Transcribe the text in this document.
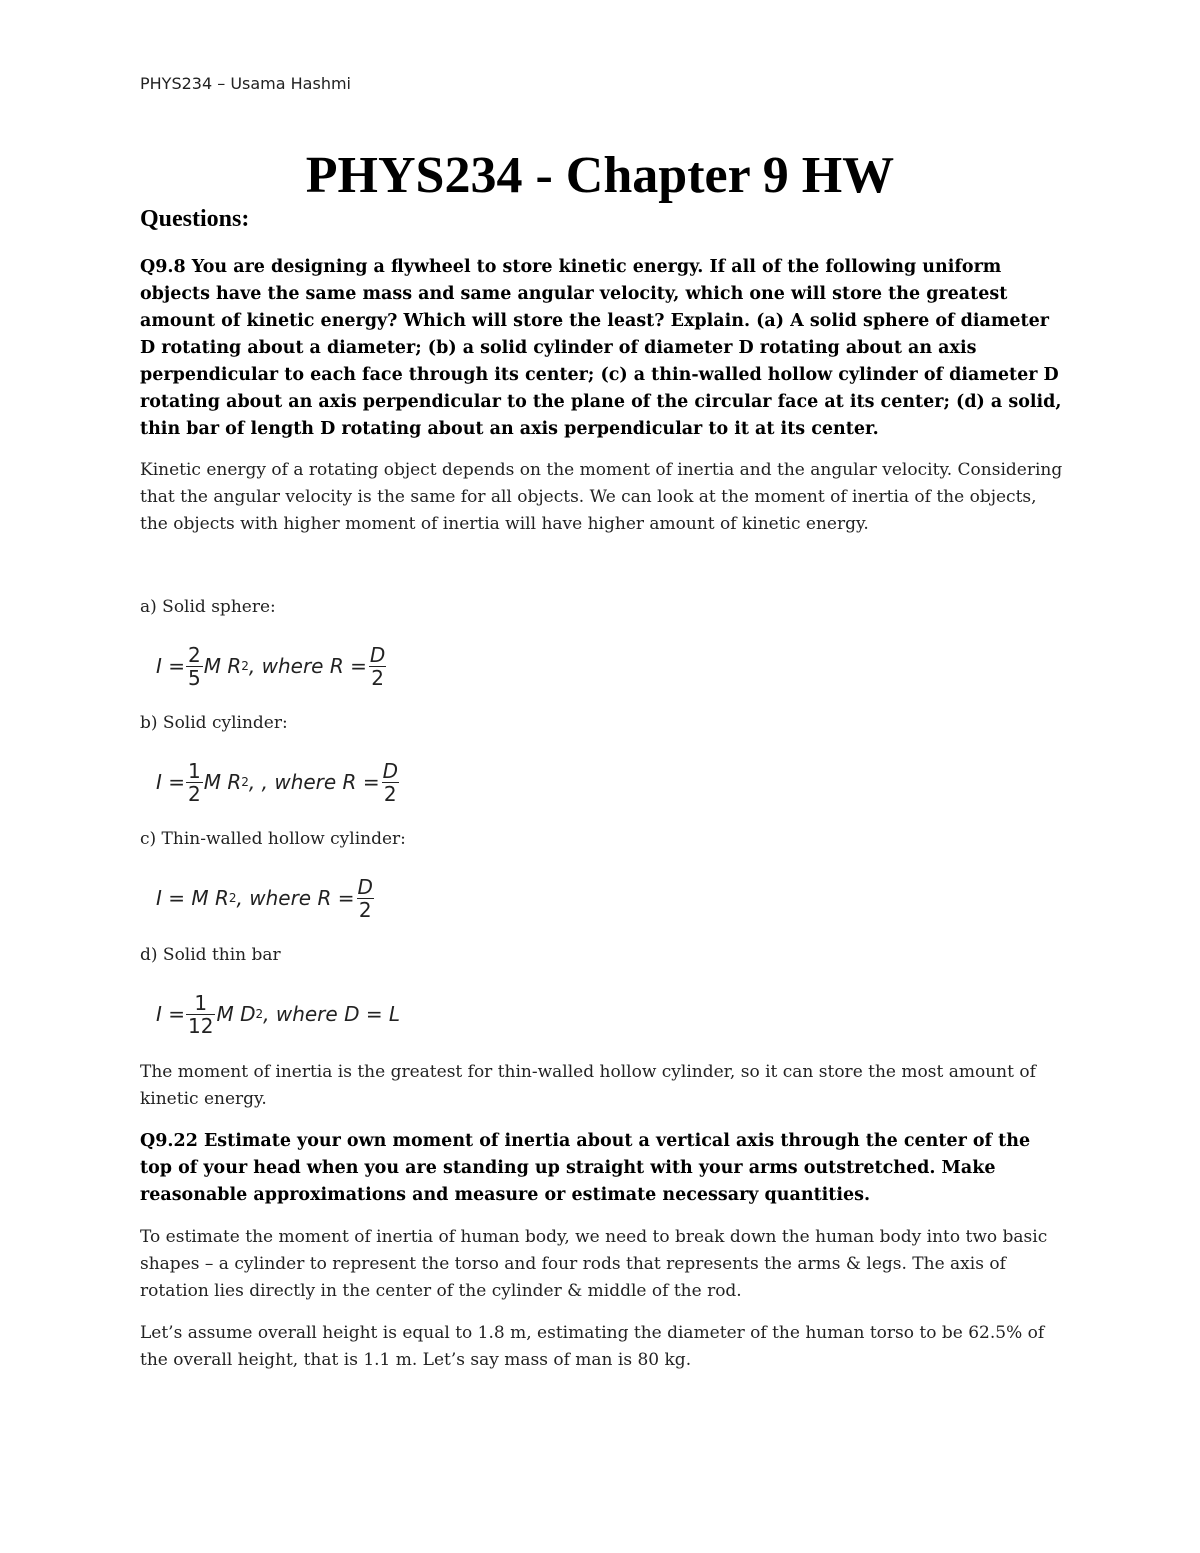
PHYS234 – Usama Hashmi
PHYS234 - Chapter 9 HW
Questions:

Q9.8 You are designing a flywheel to store kinetic energy. If all of the following uniform objects have the same mass and same angular velocity, which one will store the greatest amount of kinetic energy? Which will store the least? Explain. (a) A solid sphere of diameter D rotating about a diameter; (b) a solid cylinder of diameter D rotating about an axis perpendicular to each face through its center; (c) a thin-walled hollow cylinder of diameter D rotating about an axis perpendicular to the plane of the circular face at its center; (d) a solid, thin bar of length D rotating about an axis perpendicular to it at its center.

Kinetic energy of a rotating object depends on the moment of inertia and the angular velocity. Considering that the angular velocity is the same for all objects. We can look at the moment of inertia of the objects, the objects with higher moment of inertia will have higher amount of kinetic energy.

a) Solid sphere:
$I = \frac{2}{5}$ M R 2 , where $R = \frac{D}{2}$
b) Solid cylinder:
$I = \frac{1}{2}$ M R 2 , , where $R = \frac{D}{2}$
c) Thin-walled hollow cylinder:
I = M R 2 , where $R = \frac{D}{2}$
d) Solid thin bar
$I = \frac{1}{12}$ M D 2 , where D = L

The moment of inertia is the greatest for thin-walled hollow cylinder, so it can store the most amount of kinetic energy.

Q9.22 Estimate your own moment of inertia about a vertical axis through the center of the top of your head when you are standing up straight with your arms outstretched. Make reasonable approximations and measure or estimate necessary quantities.

To estimate the moment of inertia of human body, we need to break down the human body into two basic shapes – a cylinder to represent the torso and four rods that represents the arms & legs. The axis of rotation lies directly in the center of the cylinder & middle of the rod.

Let’s assume overall height is equal to 1.8 m, estimating the diameter of the human torso to be 62.5% of the overall height, that is 1.1 m. Let’s say mass of man is 80 kg.
